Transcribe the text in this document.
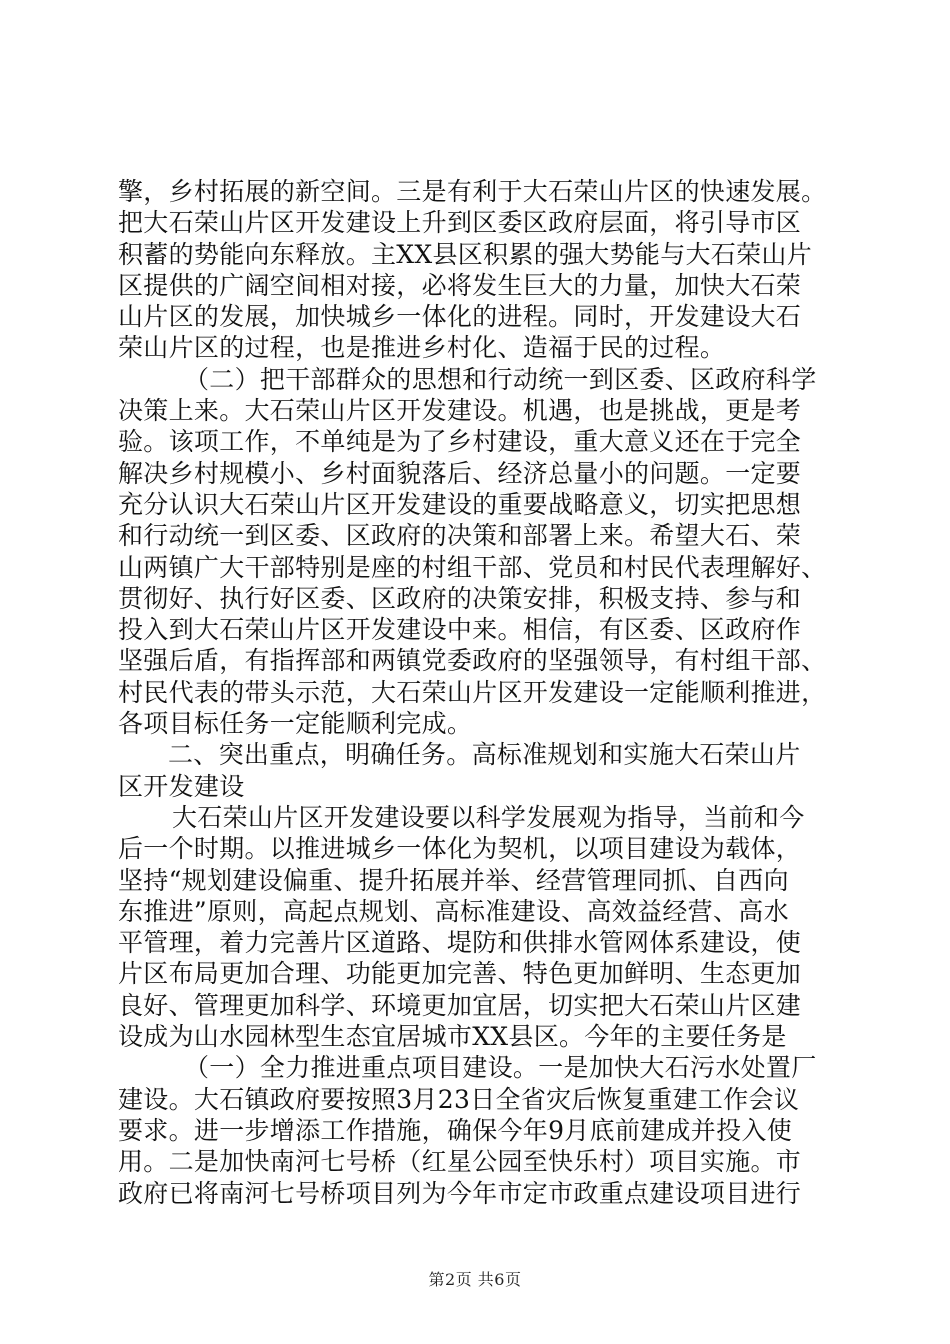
擎，乡村拓展的新空间。三是有利于大石荣山片区的快速发展。
把大石荣山片区开发建设上升到区委区政府层面，将引导市区
积蓄的势能向东释放。主XX县区积累的强大势能与大石荣山片
区提供的广阔空间相对接，必将发生巨大的力量，加快大石荣
山片区的发展，加快城乡一体化的进程。同时，开发建设大石
荣山片区的过程，也是推进乡村化、造福于民的过程。
（二）把干部群众的思想和行动统一到区委、区政府科学
决策上来。大石荣山片区开发建设。机遇，也是挑战，更是考
验。该项工作，不单纯是为了乡村建设，重大意义还在于完全
解决乡村规模小、乡村面貌落后、经济总量小的问题。一定要
充分认识大石荣山片区开发建设的重要战略意义，切实把思想
和行动统一到区委、区政府的决策和部署上来。希望大石、荣
山两镇广大干部特别是座的村组干部、党员和村民代表理解好、
贯彻好、执行好区委、区政府的决策安排，积极支持、参与和
投入到大石荣山片区开发建设中来。相信，有区委、区政府作
坚强后盾，有指挥部和两镇党委政府的坚强领导，有村组干部、
村民代表的带头示范，大石荣山片区开发建设一定能顺利推进，
各项目标任务一定能顺利完成。
二、突出重点，明确任务。高标准规划和实施大石荣山片
区开发建设
大石荣山片区开发建设要以科学发展观为指导，当前和今
后一个时期。以推进城乡一体化为契机，以项目建设为载体，
坚持“规划建设偏重、提升拓展并举、经营管理同抓、自西向
东推进”原则，高起点规划、高标准建设、高效益经营、高水
平管理，着力完善片区道路、堤防和供排水管网体系建设，使
片区布局更加合理、功能更加完善、特色更加鲜明、生态更加
良好、管理更加科学、环境更加宜居，切实把大石荣山片区建
设成为山水园林型生态宜居城市XX县区。今年的主要任务是
（一）全力推进重点项目建设。一是加快大石污水处置厂
建设。大石镇政府要按照3月23日全省灾后恢复重建工作会议
要求。进一步增添工作措施，确保今年9月底前建成并投入使
用。二是加快南河七号桥（红星公园至快乐村）项目实施。市
政府已将南河七号桥项目列为今年市定市政重点建设项目进行
第2页 共6页
